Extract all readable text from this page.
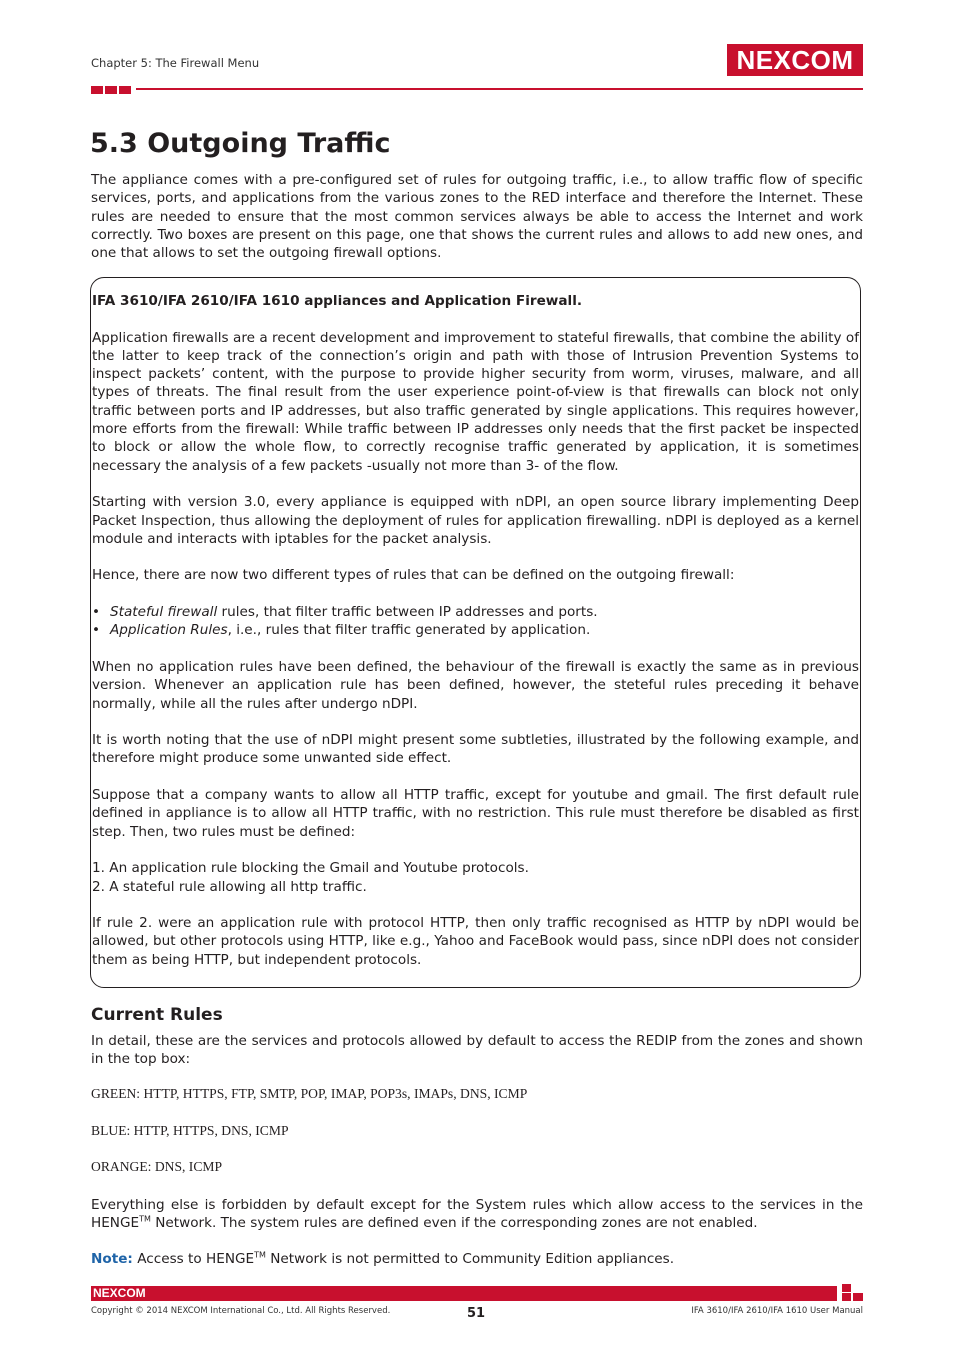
Chapter 5: The Firewall Menu	NEXCOM
5.3 Outgoing Traffic
The appliance comes with a pre-configured set of rules for outgoing traffic, i.e., to allow traffic flow of specific services, ports, and applications from the various zones to the RED interface and therefore the Internet. These rules are needed to ensure that the most common services always be able to access the Internet and work correctly. Two boxes are present on this page, one that shows the current rules and allows to add new ones, and one that allows to set the outgoing firewall options.

IFA 3610/IFA 2610/IFA 1610 appliances and Application Firewall.

Application firewalls are a recent development and improvement to stateful firewalls, that combine the ability of the latter to keep track of the connection’s origin and path with those of Intrusion Prevention Systems to inspect packets’ content, with the purpose to provide higher security from worm, viruses, malware, and all types of threats. The final result from the user experience point-of-view is that firewalls can block not only traffic between ports and IP addresses, but also traffic generated by single applications. This requires however, more efforts from the firewall: While traffic between IP addresses only needs that the first packet be inspected to block or allow the whole flow, to correctly recognise traffic generated by application, it is sometimes necessary the analysis of a few packets -usually not more than 3- of the flow.

Starting with version 3.0, every appliance is equipped with nDPI, an open source library implementing Deep Packet Inspection, thus allowing the deployment of rules for application firewalling. nDPI is deployed as a kernel module and interacts with iptables for the packet analysis.

Hence, there are now two different types of rules that can be defined on the outgoing firewall:

• Stateful firewall rules, that filter traffic between IP addresses and ports.
• Application Rules, i.e., rules that filter traffic generated by application.

When no application rules have been defined, the behaviour of the firewall is exactly the same as in previous version. Whenever an application rule has been defined, however, the steteful rules preceding it behave normally, while all the rules after undergo nDPI.

It is worth noting that the use of nDPI might present some subtleties, illustrated by the following example, and therefore might produce some unwanted side effect.

Suppose that a company wants to allow all HTTP traffic, except for youtube and gmail. The first default rule defined in appliance is to allow all HTTP traffic, with no restriction. This rule must therefore be disabled as first step. Then, two rules must be defined:

1. An application rule blocking the Gmail and Youtube protocols.
2. A stateful rule allowing all http traffic.

If rule 2. were an application rule with protocol HTTP, then only traffic recognised as HTTP by nDPI would be allowed, but other protocols using HTTP, like e.g., Yahoo and FaceBook would pass, since nDPI does not consider them as being HTTP, but independent protocols.

Current Rules
In detail, these are the services and protocols allowed by default to access the REDIP from the zones and shown in the top box:
GREEN: HTTP, HTTPS, FTP, SMTP, POP, IMAP, POP3s, IMAPs, DNS, ICMP
BLUE: HTTP, HTTPS, DNS, ICMP
ORANGE: DNS, ICMP
Everything else is forbidden by default except for the System rules which allow access to the services in the HENGE™ Network. The system rules are defined even if the corresponding zones are not enabled.
Note: Access to HENGE™ Network is not permitted to Community Edition appliances.
NEXCOM
Copyright © 2014 NEXCOM International Co., Ltd. All Rights Reserved.	51	IFA 3610/IFA 2610/IFA 1610 User Manual
